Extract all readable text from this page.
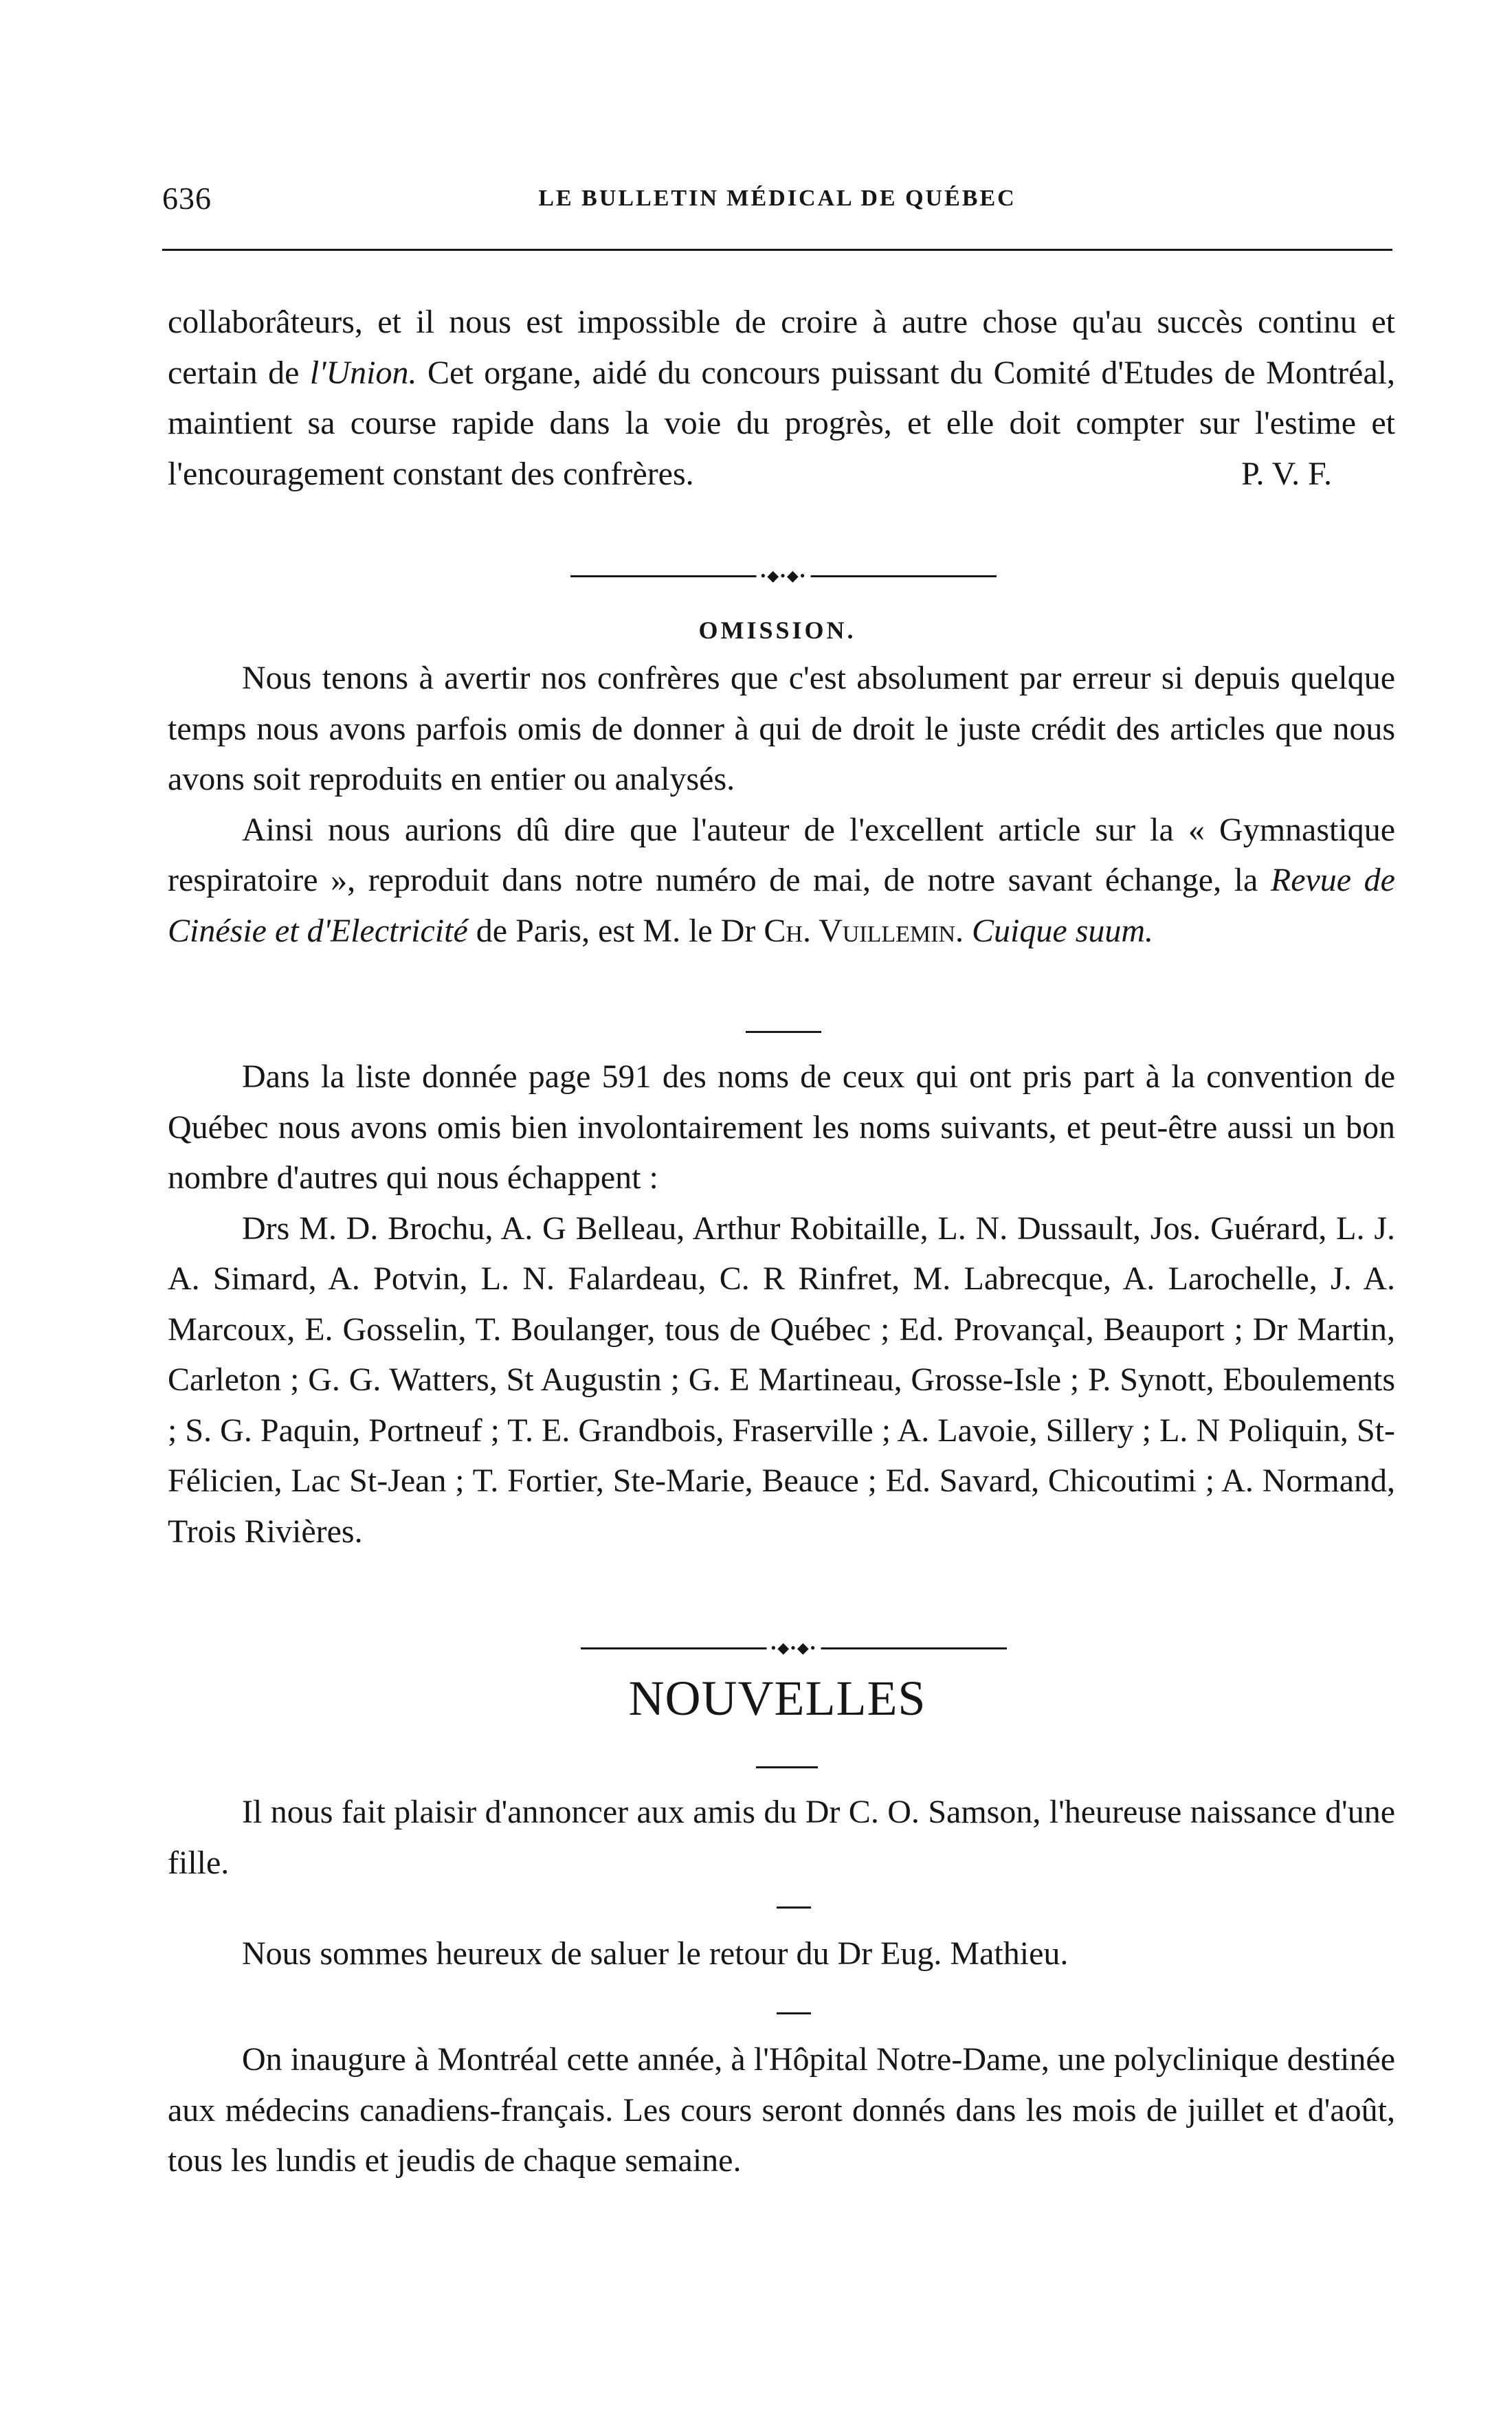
636	LE BULLETIN MÉDICAL DE QUÉBEC

collaborâteurs, et il nous est impossible de croire à autre chose qu'au succès continu et certain de l'Union. Cet organe, aidé du concours puissant du Comité d'Etudes de Montréal, maintient sa course rapide dans la voie du progrès, et elle doit compter sur l'estime et l'encouragement constant des confrères.	P. V. F.

•◆•◆•
OMISSION.

Nous tenons à avertir nos confrères que c'est absolument par erreur si depuis quelque temps nous avons parfois omis de donner à qui de droit le juste crédit des articles que nous avons soit reproduits en entier ou analysés.

Ainsi nous aurions dû dire que l'auteur de l'excellent article sur la « Gymnastique respiratoire », reproduit dans notre numéro de mai, de notre savant échange, la Revue de Cinésie et d'Electricité de Paris, est M. le Dr Ch. Vuillemin. Cuique suum.

Dans la liste donnée page 591 des noms de ceux qui ont pris part à la convention de Québec nous avons omis bien involontairement les noms suivants, et peut-être aussi un bon nombre d'autres qui nous échappent :

Drs M. D. Brochu, A. G Belleau, Arthur Robitaille, L. N. Dussault, Jos. Guérard, L. J. A. Simard, A. Potvin, L. N. Falardeau, C. R Rinfret, M. Labrecque, A. Larochelle, J. A. Marcoux, E. Gosselin, T. Boulanger, tous de Québec ; Ed. Provançal, Beauport ; Dr Martin, Carleton ; G. G. Watters, St Augustin ; G. E Martineau, Grosse-Isle ; P. Synott, Eboulements ; S. G. Paquin, Portneuf ; T. E. Grandbois, Fraserville ; A. Lavoie, Sillery ; L. N Poliquin, St-Félicien, Lac St-Jean ; T. Fortier, Ste-Marie, Beauce ; Ed. Savard, Chicoutimi ; A. Normand, Trois Rivières.

•◆•◆•
NOUVELLES

Il nous fait plaisir d'annoncer aux amis du Dr C. O. Samson, l'heureuse naissance d'une fille.

Nous sommes heureux de saluer le retour du Dr Eug. Mathieu.

On inaugure à Montréal cette année, à l'Hôpital Notre-Dame, une polyclinique destinée aux médecins canadiens-français. Les cours seront donnés dans les mois de juillet et d'août, tous les lundis et jeudis de chaque semaine.
